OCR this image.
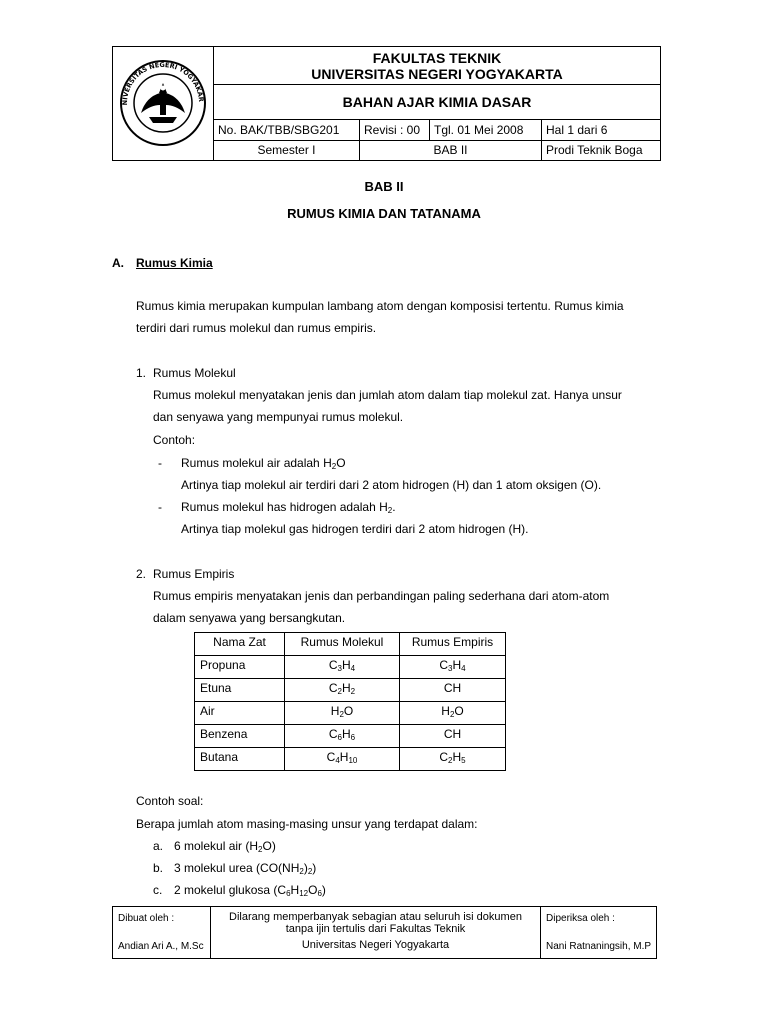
NIVERSITAS NEGERI YOGYAKAR
FAKULTAS TEKNIK
UNIVERSITAS NEGERI YOGYAKARTA
BAHAN AJAR KIMIA DASAR
No. BAK/TBB/SBG201	Revisi : 00	Tgl. 01 Mei 2008	Hal 1 dari 6
Semester I	BAB II	Prodi Teknik Boga
BAB II
RUMUS KIMIA DAN TATANAMA
A. Rumus Kimia
Rumus kimia merupakan kumpulan lambang atom dengan komposisi tertentu. Rumus kimia
terdiri dari rumus molekul dan rumus empiris.
1. Rumus Molekul
Rumus molekul menyatakan jenis dan jumlah atom dalam tiap molekul zat. Hanya unsur
dan senyawa yang mempunyai rumus molekul.
Contoh:
- Rumus molekul air adalah $H_2O$
Artinya tiap molekul air terdiri dari 2 atom hidrogen (H) dan 1 atom oksigen (O).
- Rumus molekul has hidrogen adalah $H_2$.
Artinya tiap molekul gas hidrogen terdiri dari 2 atom hidrogen (H).
2. Rumus Empiris
Rumus empiris menyatakan jenis dan perbandingan paling sederhana dari atom-atom
dalam senyawa yang bersangkutan.
Nama Zat	Rumus Molekul	Rumus Empiris
Propuna	$C_3H_4$	$C_3H_4$
Etuna	$C_2H_2$	CH
Air	$H_2O$	$H_2O$
Benzena	$C_6H_6$	CH
Butana	$C_4H_{10}$	$C_2H_5$
Contoh soal:
Berapa jumlah atom masing-masing unsur yang terdapat dalam:
a. 6 molekul air $(H_2O)$
b. 3 molekul urea $(CO(NH_2)_2)$
c. 2 mokelul glukosa $(C_6H_{12}O_6)$
Dibuat oleh :
Andian Ari A., M.Sc
Dilarang memperbanyak sebagian atau seluruh isi dokumen
tanpa ijin tertulis dari Fakultas Teknik
Universitas Negeri Yogyakarta
Diperiksa oleh :
Nani Ratnaningsih, M.P
